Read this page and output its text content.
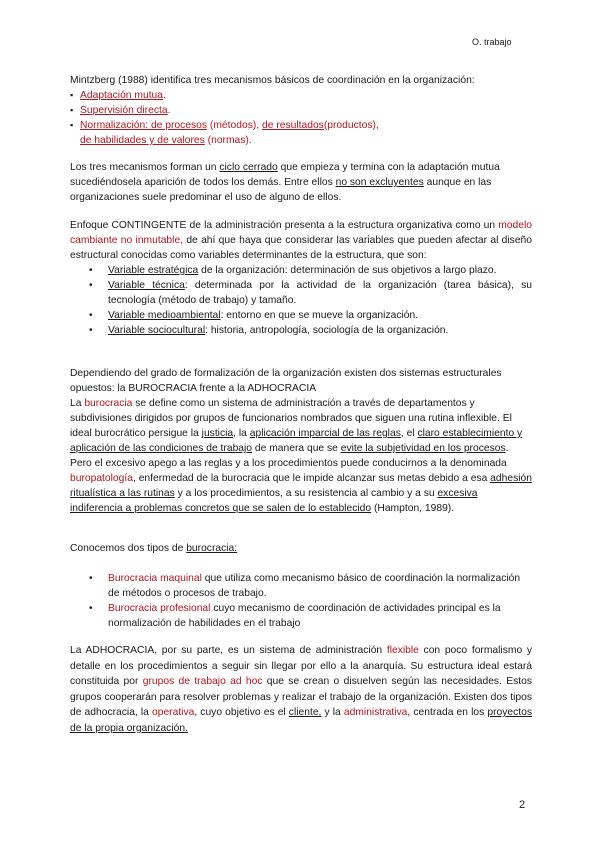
O. trabajo
Mintzberg (1988) identifica tres mecanismos básicos de coordinación en la organización:
▪ Adaptación mutua.
▪ Supervisión directa.
▪ Normalización: de procesos (métodos), de resultados(productos),
de habilidades y de valores (normas).
Los tres mecanismos forman un ciclo cerrado que empieza y termina con la adaptación mutua sucediéndosela aparición de todos los demás. Entre ellos no son excluyentes aunque en las organizaciones suele predominar el uso de alguno de ellos.
Enfoque CONTINGENTE de la administración presenta a la estructura organizativa como un modelo cambiante no inmutable, de ahí que haya que considerar las variables que pueden afectar al diseño estructural conocidas como variables determinantes de la estructura, que son:
• Variable estratégica de la organización: determinación de sus objetivos a largo plazo.
• Variable técnica: determinada por la actividad de la organización (tarea básica), su tecnología (método de trabajo) y tamaño.
• Variable medioambiental: entorno en que se mueve la organización.
• Variable sociocultural: historia, antropología, sociología de la organización.
Dependiendo del grado de formalización de la organización existen dos sistemas estructurales opuestos: la BUROCRACIA frente a la ADHOCRACIA
La burocracia se define como un sistema de administración a través de departamentos y subdivisiones dirigidos por grupos de funcionarios nombrados que siguen una rutina inflexible. El ideal burocrático persigue la justicia, la aplicación imparcial de las reglas, el claro establecimiento y aplicación de las condiciones de trabajo de manera que se evite la subjetividad en los procesos. Pero el excesivo apego a las reglas y a los procedimientos puede conducirnos a la denominada buropatología, enfermedad de la burocracia que le impide alcanzar sus metas debido a esa adhesión ritualística a las rutinas y a los procedimientos, a su resistencia al cambio y a su excesiva indiferencia a problemas concretos que se salen de lo establecido (Hampton, 1989).
Conocemos dos tipos de burocracia:
• Burocracia maquinal que utiliza como mecanismo básico de coordinación la normalización de métodos o procesos de trabajo.
• Burocracia profesional cuyo mecanismo de coordinación de actividades principal es la normalización de habilidades en el trabajo
La ADHOCRACIA, por su parte, es un sistema de administración flexible con poco formalismo y detalle en los procedimientos a seguir sin llegar por ello a la anarquía. Su estructura ideal estará constituida por grupos de trabajo ad hoc que se crean o disuelven según las necesidades. Estos grupos cooperarán para resolver problemas y realizar el trabajo de la organización. Existen dos tipos de adhocracia, la operativa, cuyo objetivo es el cliente, y la administrativa, centrada en los proyectos de la propia organización.
2
